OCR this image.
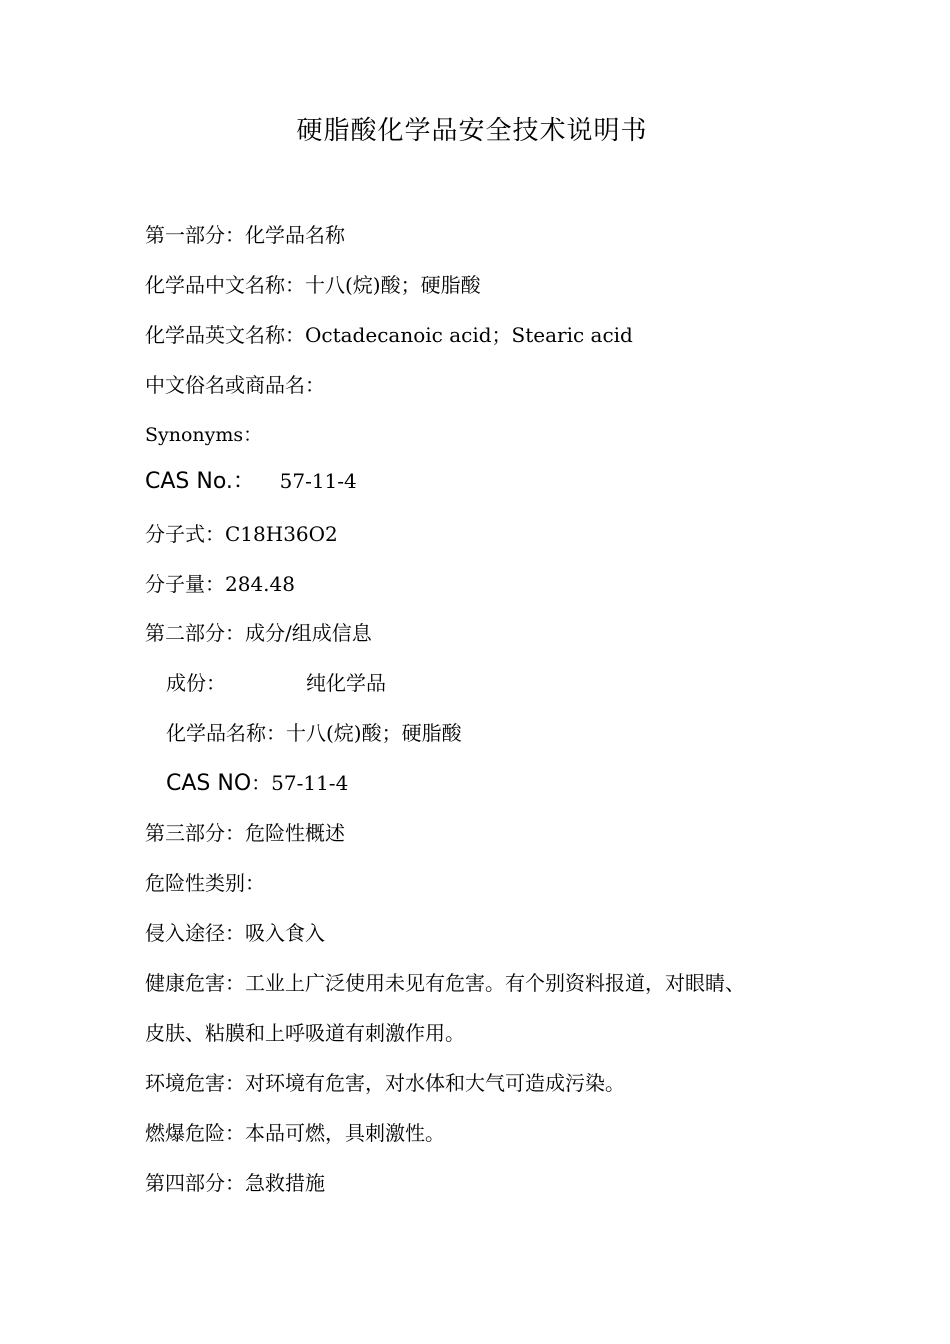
硬脂酸化学品安全技术说明书
第一部分：化学品名称
化学品中文名称：十八(烷)酸；硬脂酸
化学品英文名称：Octadecanoic acid；Stearic acid
中文俗名或商品名：
Synonyms：
CAS No.： 57-11-4
分子式：C18H36O2
分子量：284.48
第二部分：成分/组成信息
成份：	纯化学品
化学品名称：十八(烷)酸；硬脂酸
CAS NO：57-11-4
第三部分：危险性概述
危险性类别：
侵入途径：吸入食入
健康危害：工业上广泛使用未见有危害。有个别资料报道，对眼睛、
皮肤、粘膜和上呼吸道有刺激作用。
环境危害：对环境有危害，对水体和大气可造成污染。
燃爆危险：本品可燃，具刺激性。
第四部分：急救措施
